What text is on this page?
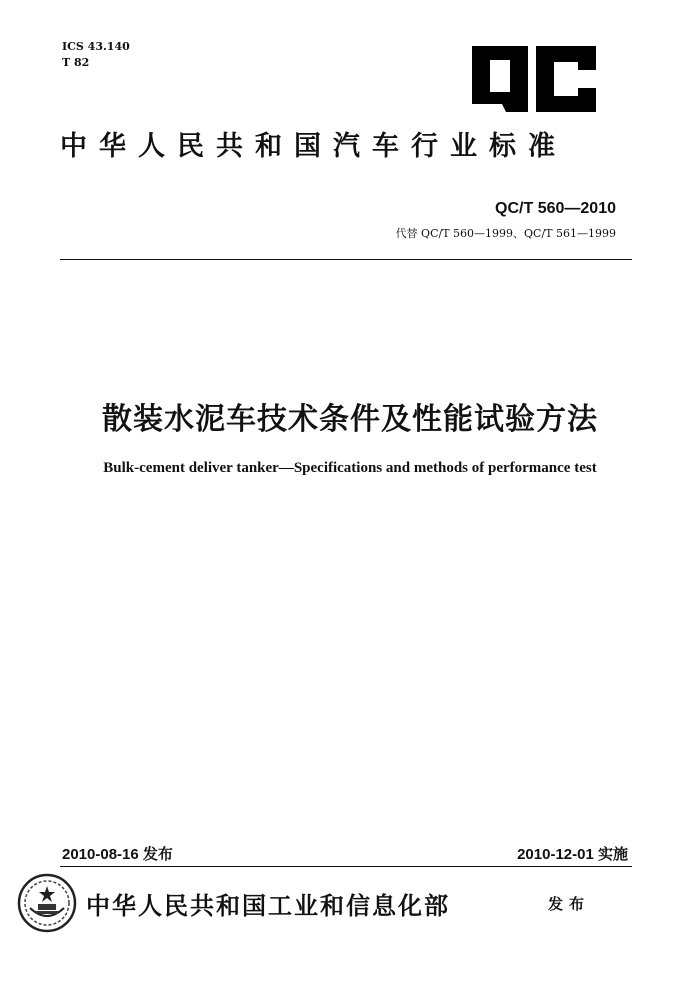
ICS 43.140
T 82
中华人民共和国汽车行业标准
QC/T 560—2010
代替 QC/T 560—1999、QC/T 561—1999
散装水泥车技术条件及性能试验方法
Bulk-cement deliver tanker—Specifications and methods of performance test
2010-08-16 发布	2010-12-01 实施
中华人民共和国工业和信息化部	发布
